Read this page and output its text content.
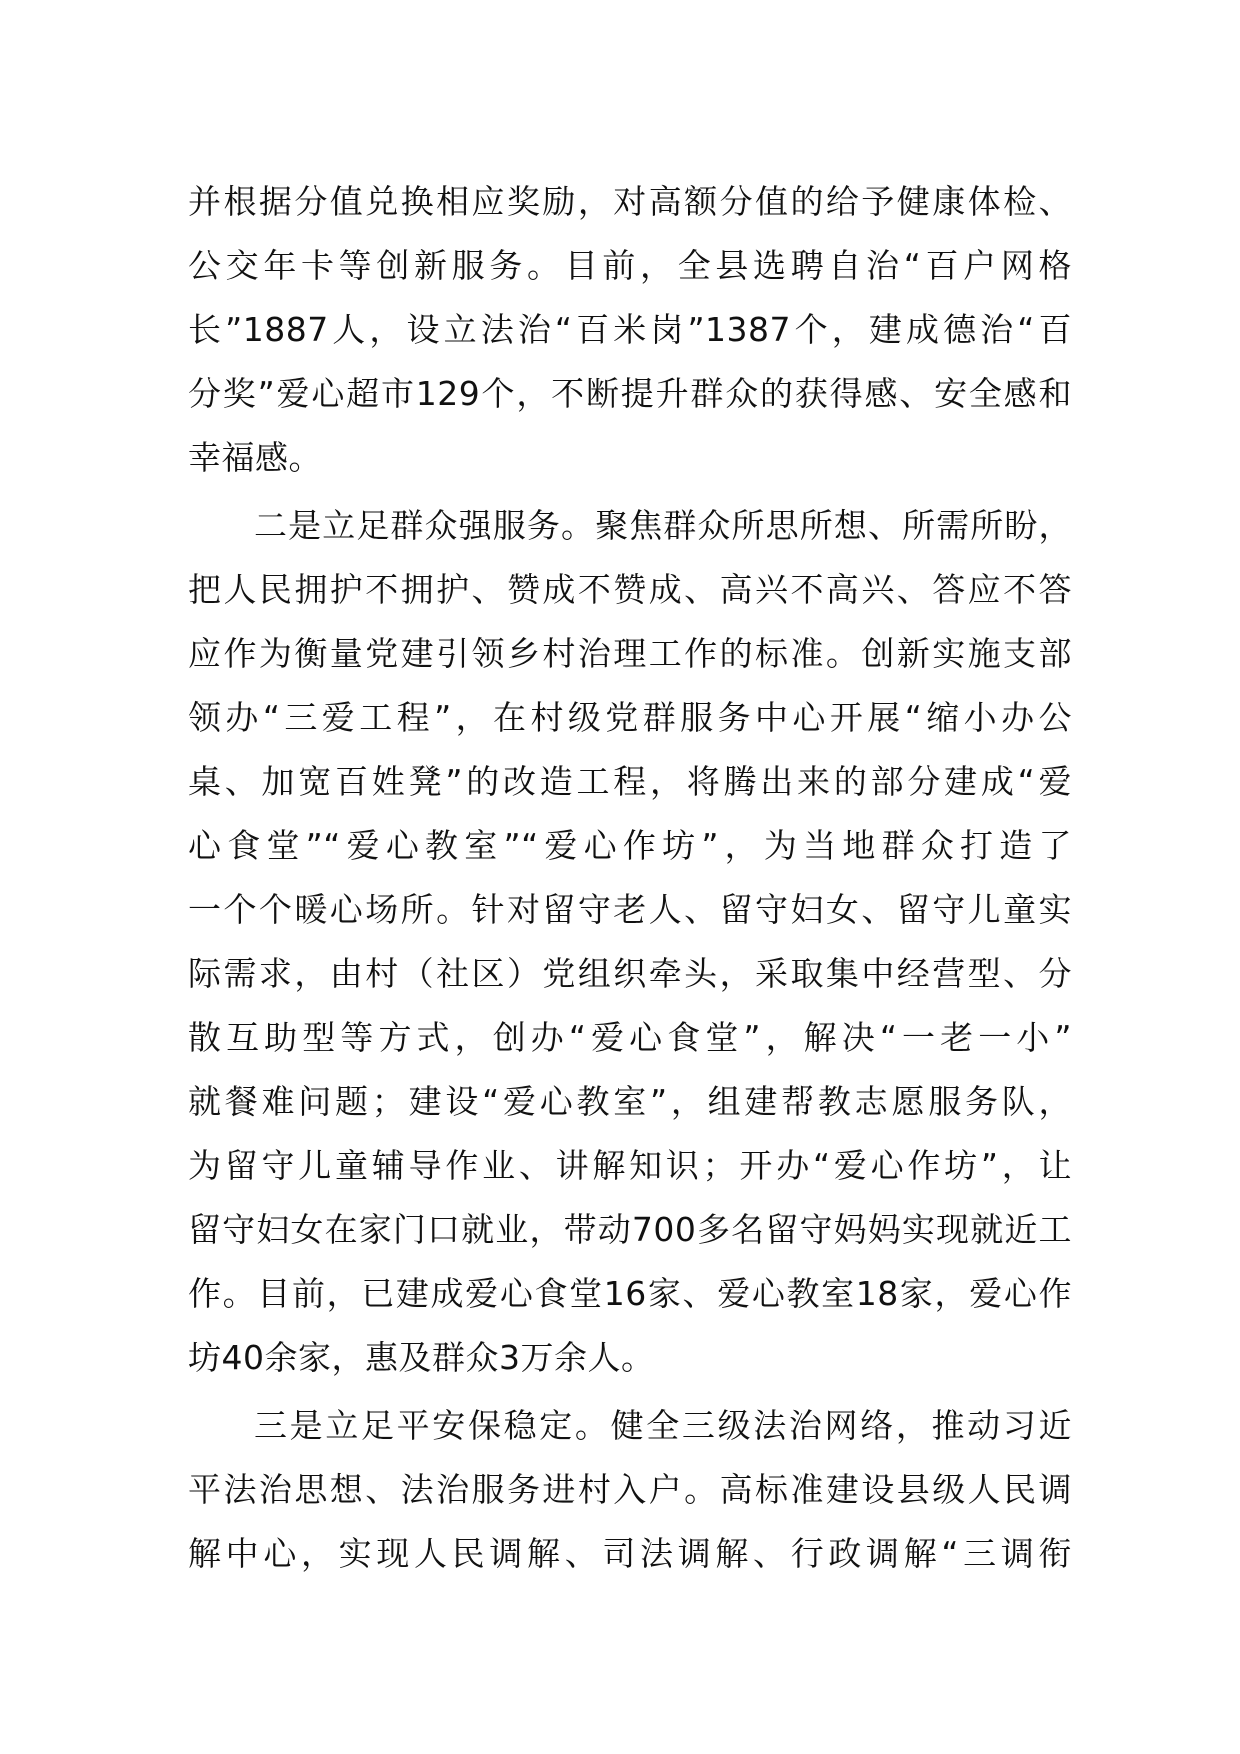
并根据分值兑换相应奖励，对高额分值的给予健康体检、
公交年卡等创新服务。目前，全县选聘自治“百户网格
长”1887人，设立法治“百米岗”1387个，建成德治“百
分奖”爱心超市129个，不断提升群众的获得感、安全感和
幸福感。
二是立足群众强服务。聚焦群众所思所想、所需所盼，
把人民拥护不拥护、赞成不赞成、高兴不高兴、答应不答
应作为衡量党建引领乡村治理工作的标准。创新实施支部
领办“三爱工程”，在村级党群服务中心开展“缩小办公
桌、加宽百姓凳”的改造工程，将腾出来的部分建成“爱
心食堂”“爱心教室”“爱心作坊”，为当地群众打造了
一个个暖心场所。针对留守老人、留守妇女、留守儿童实
际需求，由村（社区）党组织牵头，采取集中经营型、分
散互助型等方式，创办“爱心食堂”，解决“一老一小”
就餐难问题；建设“爱心教室”，组建帮教志愿服务队，
为留守儿童辅导作业、讲解知识；开办“爱心作坊”，让
留守妇女在家门口就业，带动700多名留守妈妈实现就近工
作。目前，已建成爱心食堂16家、爱心教室18家，爱心作
坊40余家，惠及群众3万余人。
三是立足平安保稳定。健全三级法治网络，推动习近
平法治思想、法治服务进村入户。高标准建设县级人民调
解中心，实现人民调解、司法调解、行政调解“三调衔
